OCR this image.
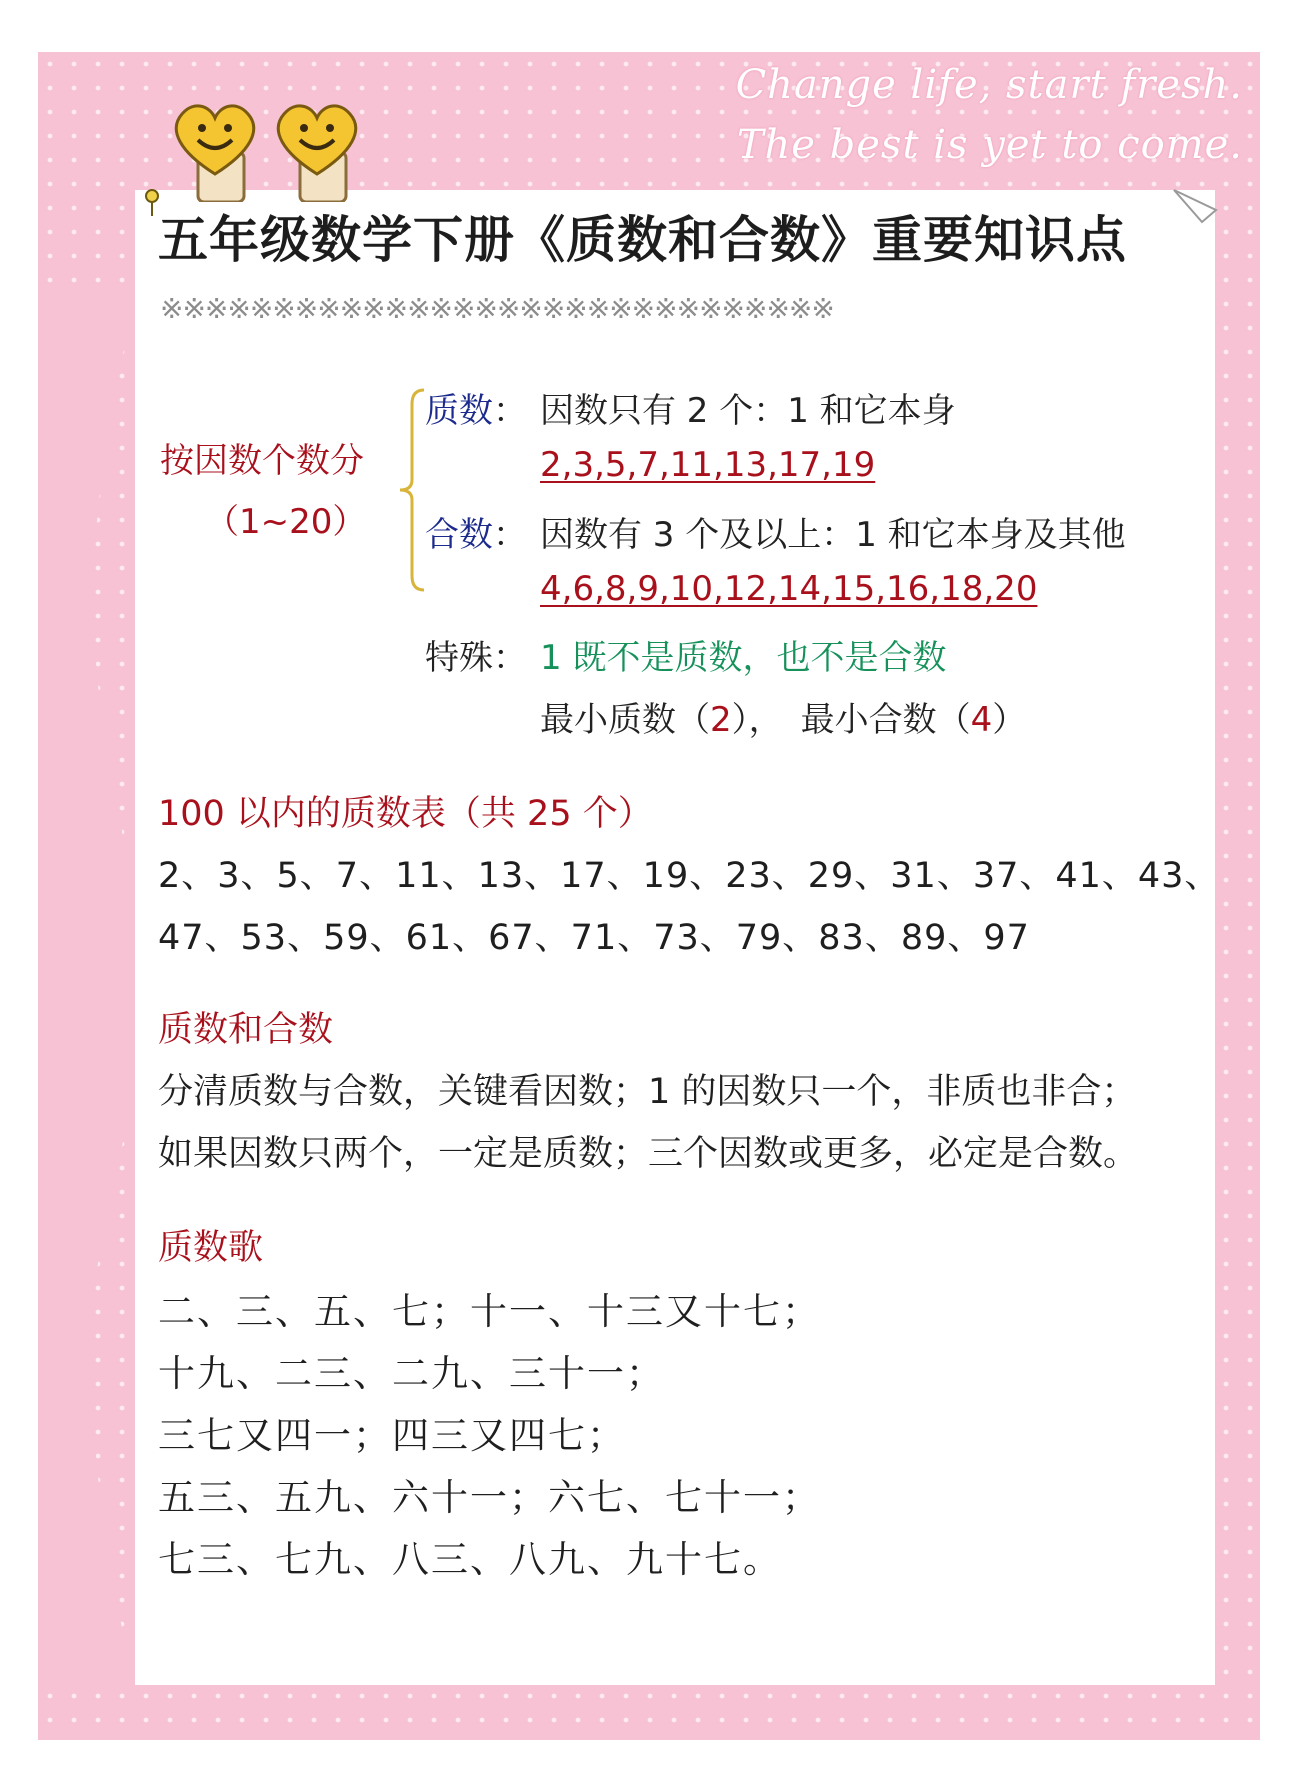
Change life, start fresh.
The best is yet to come.
五年级数学下册《质数和合数》重要知识点
※※※※※※※※※※※※※※※※※※※※※※※※※※※※※※
按因数个数分
（1~20）
质数： 因数只有 2 个：1 和它本身
2,3,5,7,11,13,17,19
合数： 因数有 3 个及以上：1 和它本身及其他
4,6,8,9,10,12,14,15,16,18,20
特殊： 1 既不是质数，也不是合数
最小质数（2）， 最小合数（4）
100 以内的质数表（共 25 个）
2、3、5、7、11、13、17、19、23、29、31、37、41、43、
47、53、59、61、67、71、73、79、83、89、97
质数和合数
分清质数与合数，关键看因数；1 的因数只一个，非质也非合；
如果因数只两个，一定是质数；三个因数或更多，必定是合数。
质数歌
二、三、五、七；十一、十三又十七；
十九、二三、二九、三十一；
三七又四一；四三又四七；
五三、五九、六十一；六七、七十一；
七三、七九、八三、八九、九十七。
